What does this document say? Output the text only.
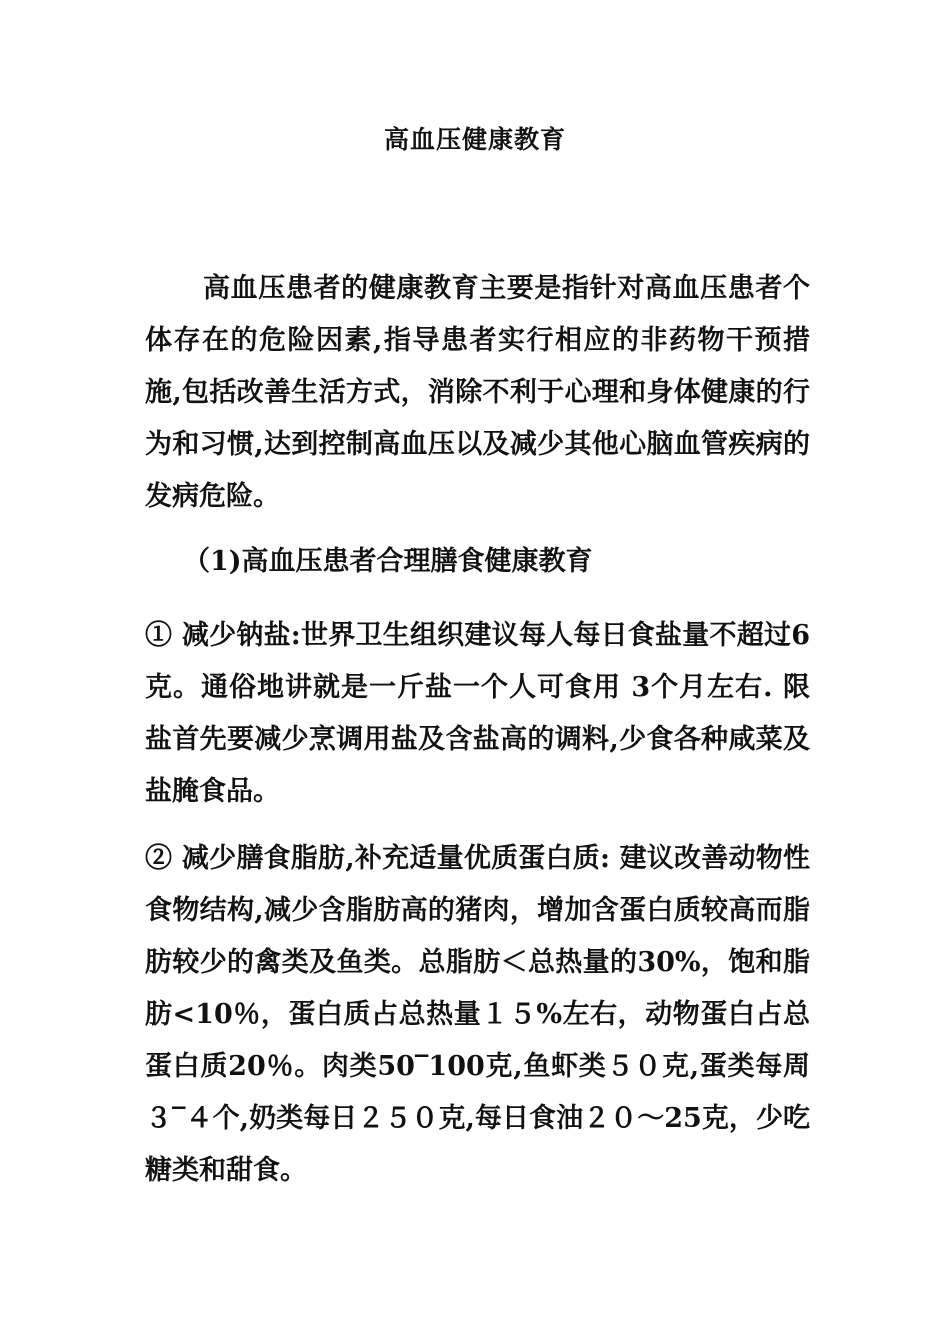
高血压健康教育

高血压患者的健康教育主要是指针对高血压患者个体存在的危险因素,指导患者实行相应的非药物干预措施,包括改善生活方式，消除不利于心理和身体健康的行为和习惯,达到控制高血压以及减少其他心脑血管疾病的发病危险。

（1)高血压患者合理膳食健康教育

① 减少钠盐:世界卫生组织建议每人每日食盐量不超过6克。通俗地讲就是一斤盐一个人可食用 3个月左右. 限盐首先要减少烹调用盐及含盐高的调料,少食各种咸菜及盐腌食品。

② 减少膳食脂肪,补充适量优质蛋白质: 建议改善动物性食物结构,减少含脂肪高的猪肉，增加含蛋白质较高而脂肪较少的禽类及鱼类。总脂肪＜总热量的30%，饱和脂肪<10％，蛋白质占总热量１５%左右，动物蛋白占总蛋白质20％。肉类50‾100克,鱼虾类５０克,蛋类每周３‾４个,奶类每日２５０克,每日食油２０～25克，少吃糖类和甜食。
